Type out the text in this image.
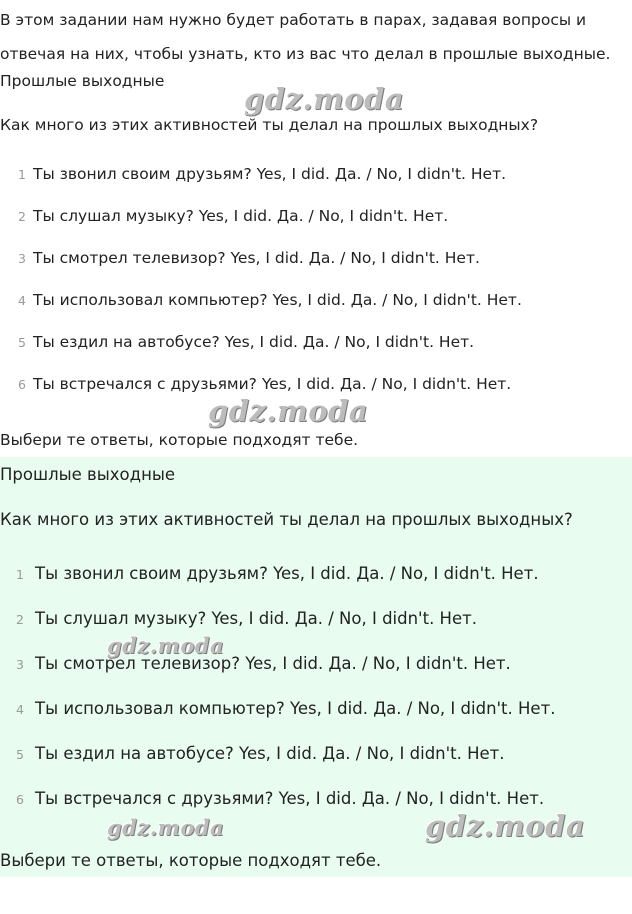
В этом задании нам нужно будет работать в парах, задавая вопросы и отвечая на них, чтобы узнать, кто из вас что делал в прошлые выходные.

Прошлые выходные
Как много из этих активностей ты делал на прошлых выходных?
1 Ты звонил своим друзьям? Yes, I did. Да. / No, I didn't. Нет.
2 Ты слушал музыку? Yes, I did. Да. / No, I didn't. Нет.
3 Ты смотрел телевизор? Yes, I did. Да. / No, I didn't. Нет.
4 Ты использовал компьютер? Yes, I did. Да. / No, I didn't. Нет.
5 Ты ездил на автобусе? Yes, I did. Да. / No, I didn't. Нет.
6 Ты встречался с друзьями? Yes, I did. Да. / No, I didn't. Нет.
Выбери те ответы, которые подходят тебе.
Прошлые выходные
Как много из этих активностей ты делал на прошлых выходных?
1 Ты звонил своим друзьям? Yes, I did. Да. / No, I didn't. Нет.
2 Ты слушал музыку? Yes, I did. Да. / No, I didn't. Нет.
3 Ты смотрел телевизор? Yes, I did. Да. / No, I didn't. Нет.
4 Ты использовал компьютер? Yes, I did. Да. / No, I didn't. Нет.
5 Ты ездил на автобусе? Yes, I did. Да. / No, I didn't. Нет.
6 Ты встречался с друзьями? Yes, I did. Да. / No, I didn't. Нет.
Выбери те ответы, которые подходят тебе.
gdz.moda
gdz.moda
gdz.moda
gdz.moda	gdz.moda
